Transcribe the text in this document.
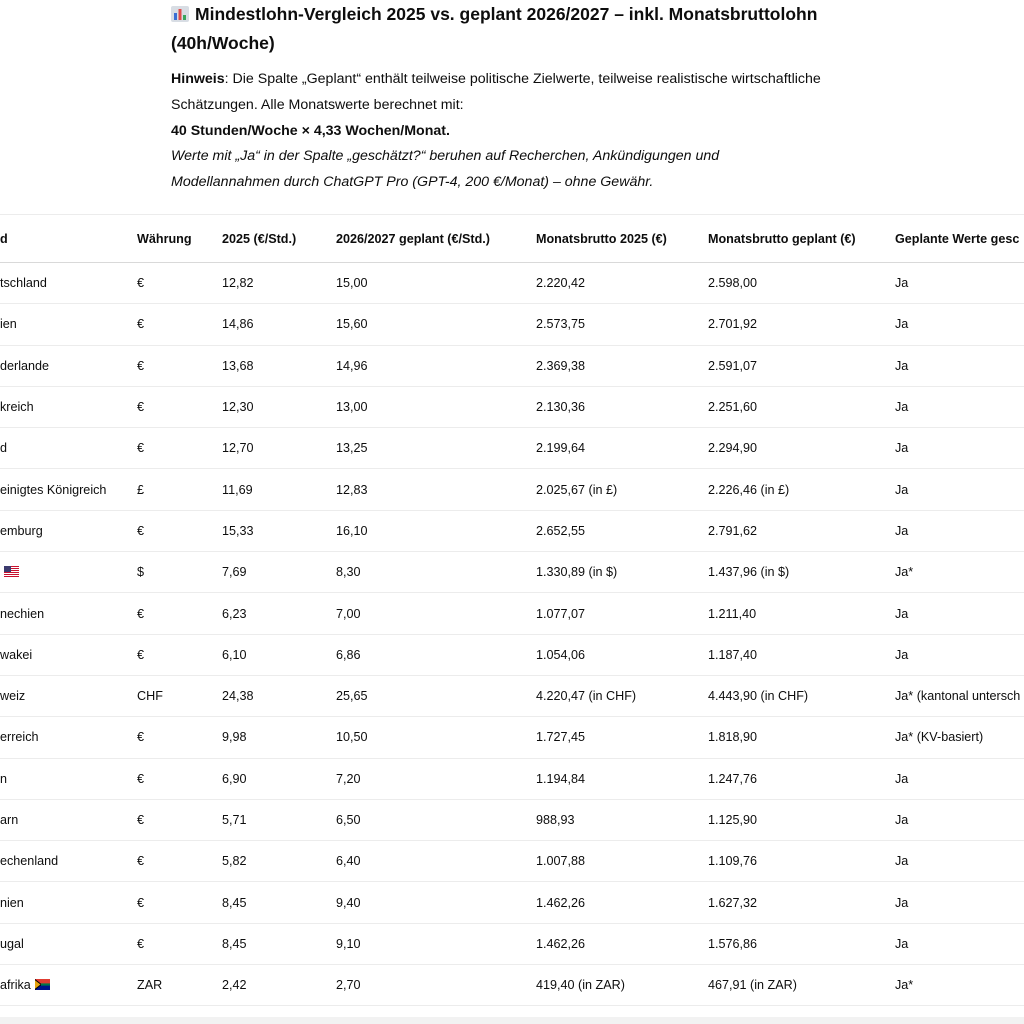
Mindestlohn-Vergleich 2025 vs. geplant 2026/2027 – inkl. Monatsbruttolohn (40h/Woche)
Hinweis: Die Spalte „Geplant“ enthält teilweise politische Zielwerte, teilweise realistische wirtschaftliche
Schätzungen. Alle Monatswerte berechnet mit:
40 Stunden/Woche × 4,33 Wochen/Monat.
Werte mit „Ja“ in der Spalte „geschätzt?“ beruhen auf Recherchen, Ankündigungen und
Modellannahmen durch ChatGPT Pro (GPT-4, 200 €/Monat) – ohne Gewähr.
d	Währung	2025 (€/Std.)	2026/2027 geplant (€/Std.)	Monatsbrutto 2025 (€)	Monatsbrutto geplant (€)	Geplante Werte gesc
tschland	€	12,82	15,00	2.220,42	2.598,00	Ja
ien	€	14,86	15,60	2.573,75	2.701,92	Ja
derlande	€	13,68	14,96	2.369,38	2.591,07	Ja
kreich	€	12,30	13,00	2.130,36	2.251,60	Ja
d	€	12,70	13,25	2.199,64	2.294,90	Ja
einigtes Königreich	£	11,69	12,83	2.025,67 (in £)	2.226,46 (in £)	Ja
emburg	€	15,33	16,10	2.652,55	2.791,62	Ja
	$	7,69	8,30	1.330,89 (in $)	1.437,96 (in $)	Ja*
nechien	€	6,23	7,00	1.077,07	1.211,40	Ja
wakei	€	6,10	6,86	1.054,06	1.187,40	Ja
weiz	CHF	24,38	25,65	4.220,47 (in CHF)	4.443,90 (in CHF)	Ja* (kantonal untersch
erreich	€	9,98	10,50	1.727,45	1.818,90	Ja* (KV-basiert)
n	€	6,90	7,20	1.194,84	1.247,76	Ja
arn	€	5,71	6,50	988,93	1.125,90	Ja
echenland	€	5,82	6,40	1.007,88	1.109,76	Ja
nien	€	8,45	9,40	1.462,26	1.627,32	Ja
ugal	€	8,45	9,10	1.462,26	1.576,86	Ja
afrika	ZAR	2,42	2,70	419,40 (in ZAR)	467,91 (in ZAR)	Ja*
